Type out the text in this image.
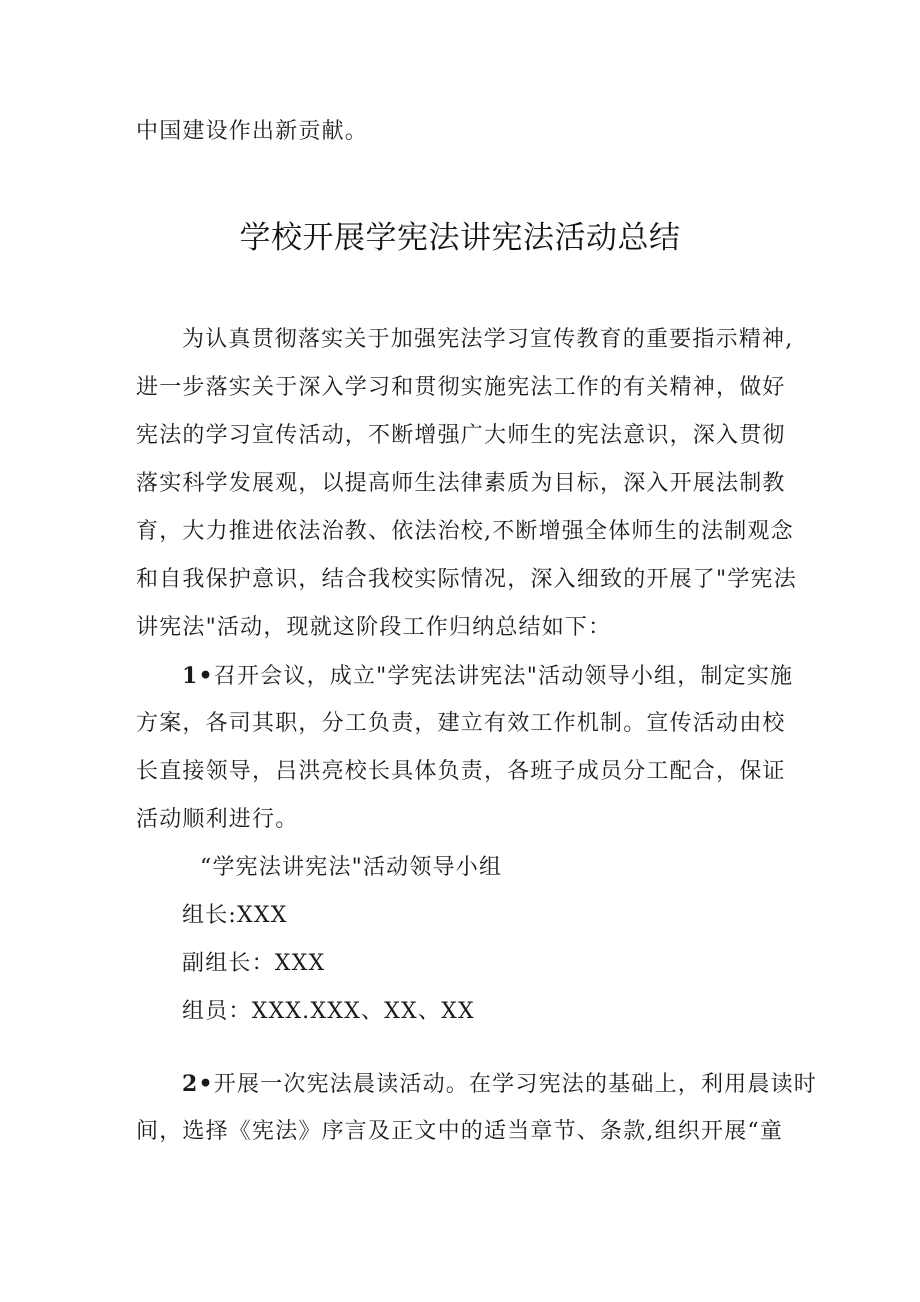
中国建设作出新贡献。
学校开展学宪法讲宪法活动总结
为认真贯彻落实关于加强宪法学习宣传教育的重要指示精神,
进一步落实关于深入学习和贯彻实施宪法工作的有关精神，做好
宪法的学习宣传活动，不断增强广大师生的宪法意识，深入贯彻
落实科学发展观，以提高师生法律素质为目标，深入开展法制教
育，大力推进依法治教、依法治校,不断增强全体师生的法制观念
和自我保护意识，结合我校实际情况，深入细致的开展了"学宪法
讲宪法"活动，现就这阶段工作归纳总结如下：
1•召开会议，成立"学宪法讲宪法"活动领导小组，制定实施
方案，各司其职，分工负责，建立有效工作机制。宣传活动由校
长直接领导，吕洪亮校长具体负责，各班子成员分工配合，保证
活动顺利进行。
“学宪法讲宪法"活动领导小组
组长:XXX
副组长：XXX
组员：XXX.XXX、XX、XX
2•开展一次宪法晨读活动。在学习宪法的基础上，利用晨读时
间，选择《宪法》序言及正文中的适当章节、条款,组织开展“童
